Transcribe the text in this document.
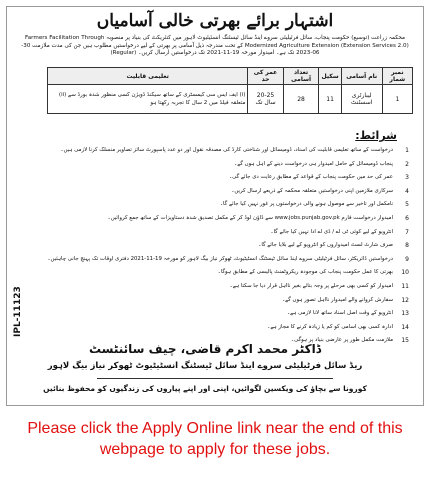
اشتہار برائے بھرتی خالی آسامیاں
محکمہ زراعت (توسیع) حکومت پنجاب، سائل فرٹیلیٹی سروے اینڈ سائل ٹیسٹنگ انسٹیٹیوٹ لاہور میں کنٹریکٹ کی بنیاد پر منصوبہ Farmers Facilitation Through Modernized Agriculture Extension (Extension Services 2.0) کے تحت مندرجہ ذیل آسامی پر بھرتی کے لیے درخواستیں مطلوب ہیں جن کی مدت ملازمت 30-06-2023 تک ہے۔ امیدوار مورخہ 19-11-2021 تک درخواستیں ارسال کریں۔ (Regular)
نمبر شمار	نام آسامی	سکیل	تعداد آسامی	عمر کی حد	تعلیمی قابلیت
1	لیبارٹری اسسٹنٹ	11	28	20-25 سال تک	(i) ایف ایس سی کیمسٹری کے ساتھ سیکنڈ ڈویژن کسی منظور شدہ بورڈ سے (ii) متعلقہ فیلڈ میں 2 سال کا تجربہ رکھتا ہو
شرائط:
1
درخواست کے ساتھ تعلیمی قابلیت کی اسناد، ڈومیسائل اور شناختی کارڈ کی مصدقہ نقول اور دو عدد پاسپورٹ سائز تصاویر منسلک کرنا لازمی ہیں۔
2
پنجاب ڈومیسائل کے حامل امیدوار ہی درخواست دینے کے اہل ہوں گے۔
3
عمر کی حد میں حکومت پنجاب کے قواعد کے مطابق رعایت دی جائے گی۔
4
سرکاری ملازمین اپنی درخواستیں متعلقہ محکمہ کے ذریعے ارسال کریں۔
5
نامکمل اور تاخیر سے موصول ہونے والی درخواستوں پر غور نہیں کیا جائے گا۔
6
امیدوار درخواست فارم www.jobs.punjab.gov.pk سے ڈاؤن لوڈ کر کے مکمل تصدیق شدہ دستاویزات کے ساتھ جمع کروائیں۔
7
انٹرویو کے لیے کوئی ٹی اے / ڈی اے ادا نہیں کیا جائے گا۔
8
صرف شارٹ لسٹ امیدواروں کو انٹرویو کے لیے بلایا جائے گا۔
9
درخواستیں ڈائریکٹر، سائل فرٹیلیٹی سروے اینڈ سائل ٹیسٹنگ انسٹیٹیوٹ، ٹھوکر نیاز بیگ لاہور کو مورخہ 19-11-2021 دفتری اوقات تک پہنچ جانی چاہئیں۔
10
بھرتی کا عمل حکومت پنجاب کی موجودہ ریکروٹمنٹ پالیسی کے مطابق ہوگا۔
11
امیدوار کو کسی بھی مرحلے پر وجہ بتائے بغیر نااہل قرار دیا جا سکتا ہے۔
12
سفارش کروانے والے امیدوار نااہل تصور ہوں گے۔
13
انٹرویو کے وقت اصل اسناد ساتھ لانا لازمی ہے۔
14
ادارہ کسی بھی اسامی کو کم یا زیادہ کرنے کا مجاز ہے۔
15
ملازمت مکمل طور پر عارضی بنیاد پر ہوگی۔
ڈاکٹر محمد اکرم قاضی، چیف سائنٹسٹ
ریڈ سائل فرٹیلیٹی سروے اینڈ سائل ٹیسٹنگ انسٹیٹیوٹ ٹھوکر نیاز بیگ لاہور
کورونا سے بچاؤ کی ویکسین لگوائیں، اپنی اور اپنے پیاروں کی زندگیوں کو محفوظ بنائیں
IPL-11123
Please click the Apply Online link near the end of this webpage to apply for these jobs.
